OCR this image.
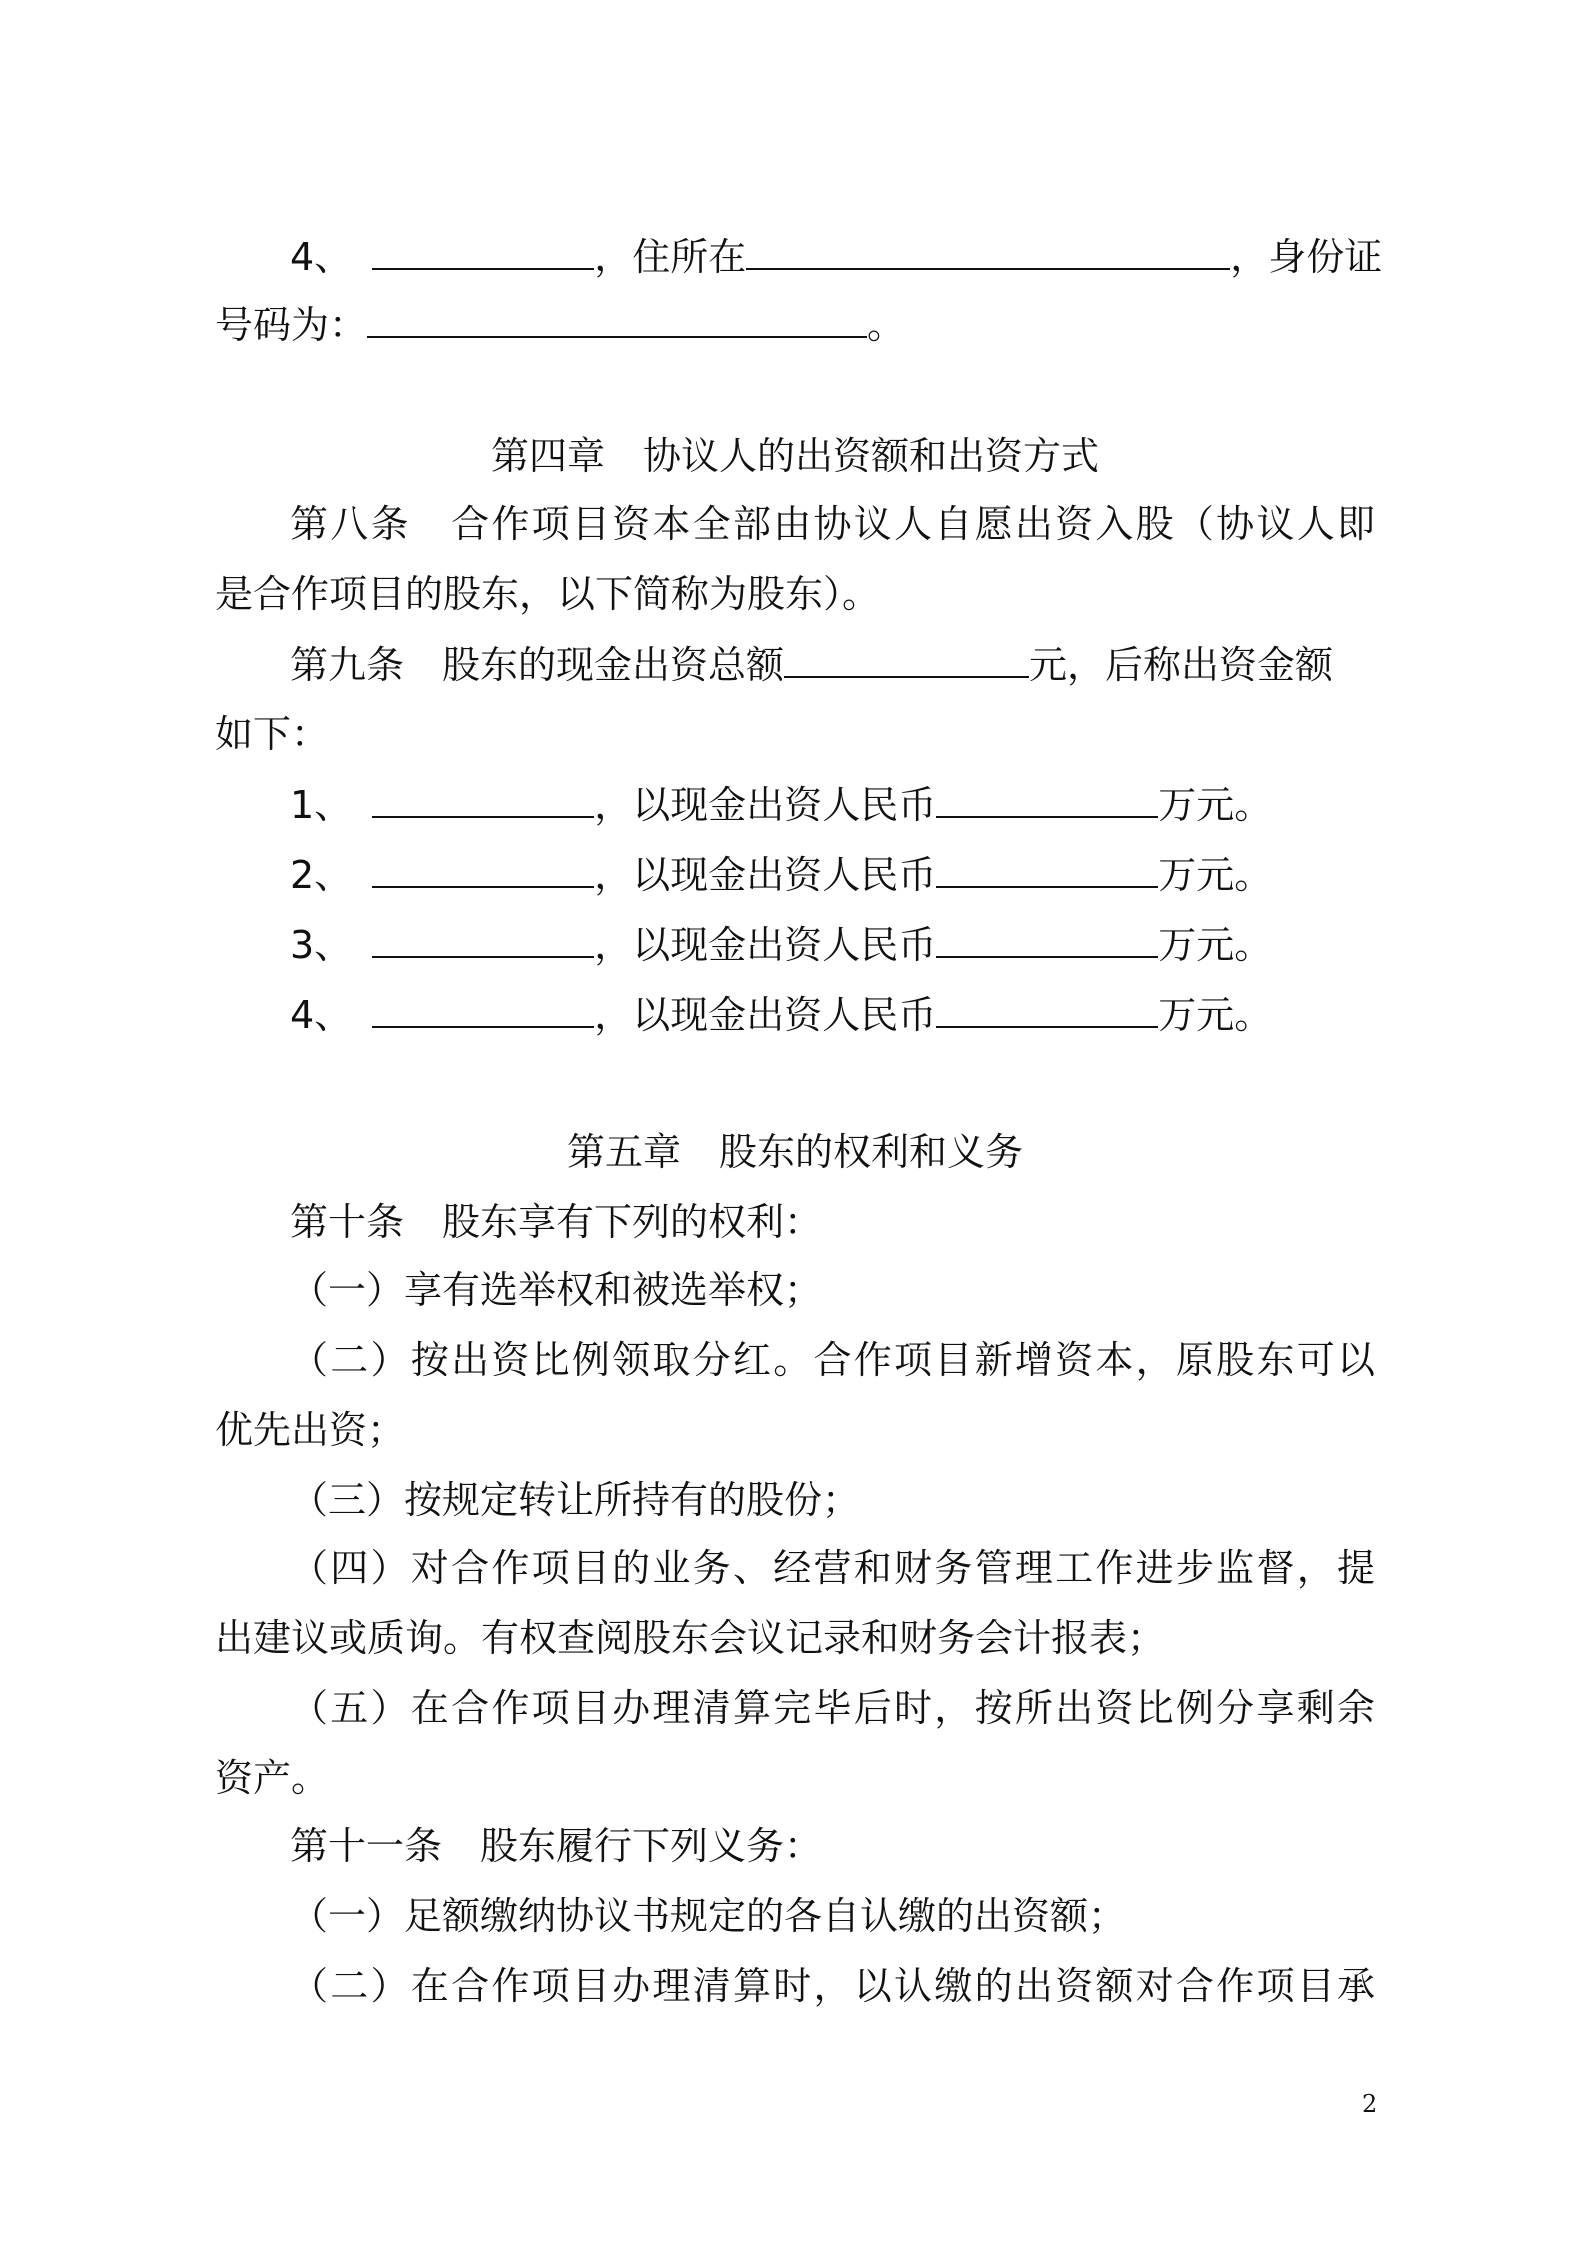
4、	，住所在	，身份证
号码为：	。
第四章　协议人的出资额和出资方式
第八条　合作项目资本全部由协议人自愿出资入股（协议人即
是合作项目的股东，以下简称为股东）。
第九条　股东的现金出资总额	元，后称出资金额
如下：
1、	，以现金出资人民币	万元。
2、	，以现金出资人民币	万元。
3、	，以现金出资人民币	万元。
4、	，以现金出资人民币	万元。
第五章　股东的权利和义务
第十条　股东享有下列的权利：
（一）享有选举权和被选举权；
（二）按出资比例领取分红。合作项目新增资本，原股东可以
优先出资；
（三）按规定转让所持有的股份；
（四）对合作项目的业务、经营和财务管理工作进步监督，提
出建议或质询。有权查阅股东会议记录和财务会计报表；
（五）在合作项目办理清算完毕后时，按所出资比例分享剩余
资产。
第十一条　股东履行下列义务：
（一）足额缴纳协议书规定的各自认缴的出资额；
（二）在合作项目办理清算时，以认缴的出资额对合作项目承
2
